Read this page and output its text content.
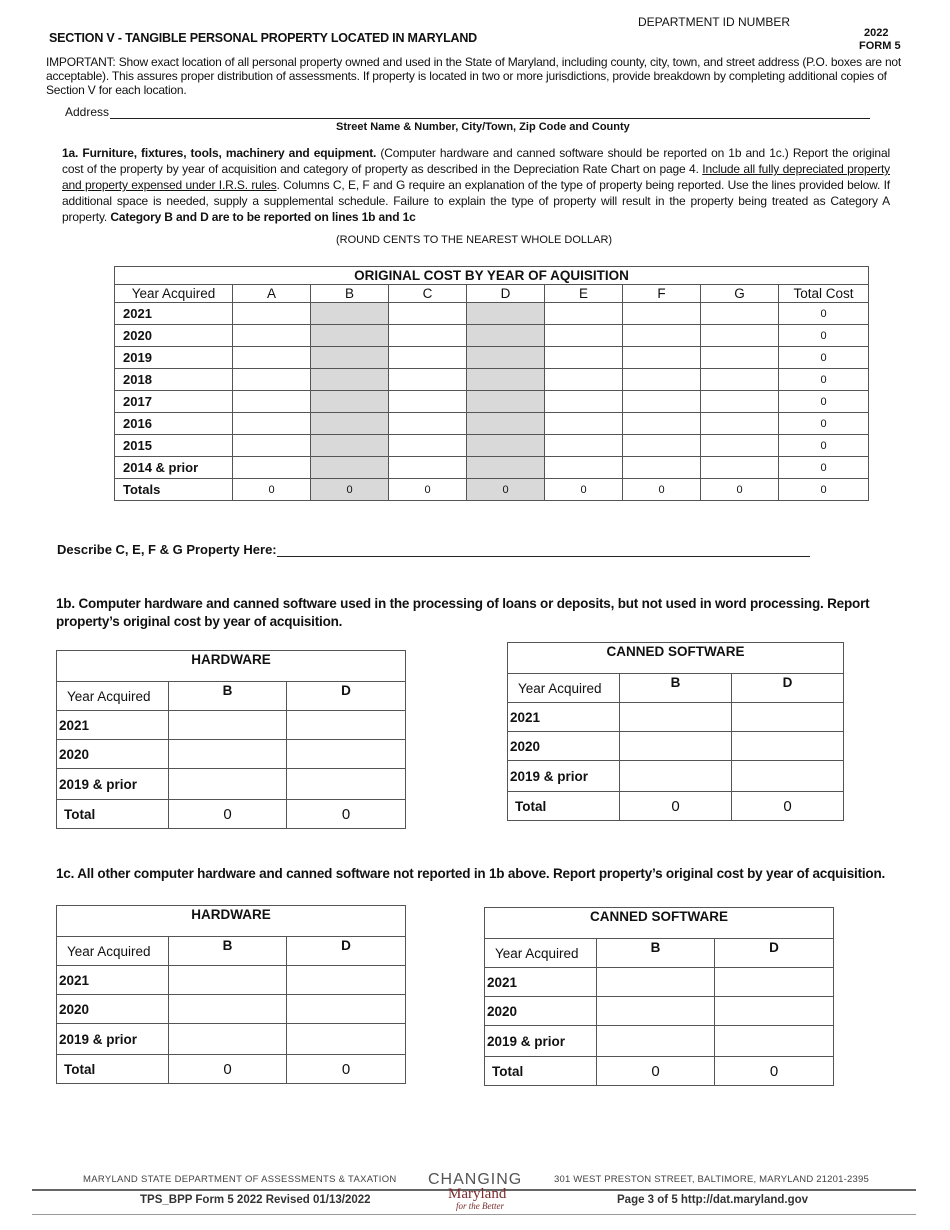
DEPARTMENT ID NUMBER
2022
FORM 5
SECTION V - TANGIBLE PERSONAL PROPERTY LOCATED IN MARYLAND
IMPORTANT: Show exact location of all personal property owned and used in the State of Maryland, including county, city, town, and street address (P.O. boxes are not acceptable). This assures proper distribution of assessments. If property is located in two or more jurisdictions, provide breakdown by completing additional copies of Section V for each location.
Address
Street Name & Number, City/Town, Zip Code and County
1a. Furniture, fixtures, tools, machinery and equipment. (Computer hardware and canned software should be reported on 1b and 1c.) Report the original cost of the property by year of acquisition and category of property as described in the Depreciation Rate Chart on page 4. Include all fully depreciated property and property expensed under I.R.S. rules. Columns C, E, F and G require an explanation of the type of property being reported. Use the lines provided below. If additional space is needed, supply a supplemental schedule. Failure to explain the type of property will result in the property being treated as Category A property. Category B and D are to be reported on lines 1b and 1c
(ROUND CENTS TO THE NEAREST WHOLE DOLLAR)
ORIGINAL COST BY YEAR OF AQUISITION								
Year Acquired	A	B	C	D	E	F	G	Total Cost
2021								0
2020								0
2019								0
2018								0
2017								0
2016								0
2015								0
2014 & prior								0
Totals	0	0	0	0	0	0	0	0
Describe C, E, F & G Property Here:
1b. Computer hardware and canned software used in the processing of loans or deposits, but not used in word processing. Report property’s original cost by year of acquisition.
HARDWARE		
Year Acquired	B	D
2021		
2020		
2019 & prior		
Total	0	0
CANNED SOFTWARE		
Year Acquired	B	D
2021		
2020		
2019 & prior		
Total	0	0
1c. All other computer hardware and canned software not reported in 1b above. Report property’s original cost by year of acquisition.
HARDWARE		
Year Acquired	B	D
2021		
2020		
2019 & prior		
Total	0	0
CANNED SOFTWARE		
Year Acquired	B	D
2021		
2020		
2019 & prior		
Total	0	0
MARYLAND STATE DEPARTMENT OF ASSESSMENTS & TAXATION	301 WEST PRESTON STREET, BALTIMORE, MARYLAND 21201-2395
CHANGING
Maryland
for the Better
TPS_BPP Form 5 2022 Revised 01/13/2022	Page 3 of 5 http://dat.maryland.gov
